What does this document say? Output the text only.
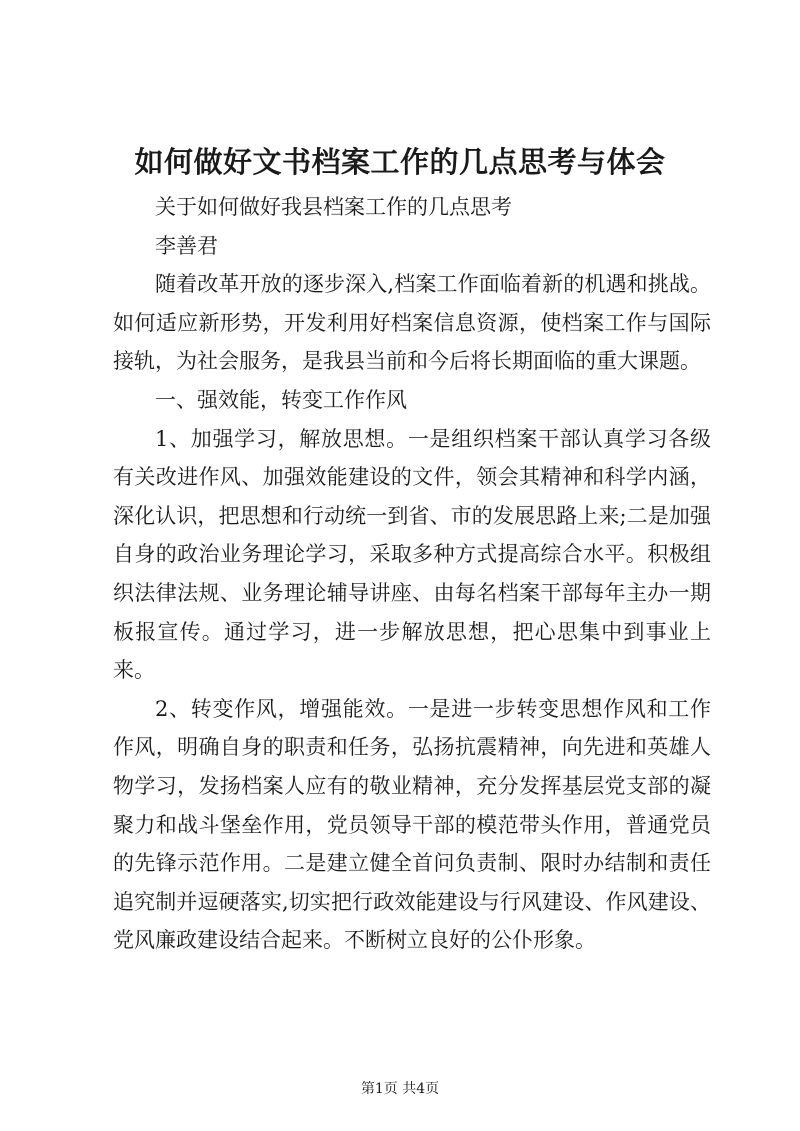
如何做好文书档案工作的几点思考与体会

关于如何做好我县档案工作的几点思考

李善君

随着改革开放的逐步深入,档案工作面临着新的机遇和挑战。如何适应新形势，开发利用好档案信息资源，使档案工作与国际接轨，为社会服务，是我县当前和今后将长期面临的重大课题。

一、强效能，转变工作作风

1、加强学习，解放思想。一是组织档案干部认真学习各级有关改进作风、加强效能建设的文件，领会其精神和科学内涵，深化认识，把思想和行动统一到省、市的发展思路上来;二是加强自身的政治业务理论学习，采取多种方式提高综合水平。积极组织法律法规、业务理论辅导讲座、由每名档案干部每年主办一期板报宣传。通过学习，进一步解放思想，把心思集中到事业上来。

2、转变作风，增强能效。一是进一步转变思想作风和工作作风，明确自身的职责和任务，弘扬抗震精神，向先进和英雄人物学习，发扬档案人应有的敬业精神，充分发挥基层党支部的凝聚力和战斗堡垒作用，党员领导干部的模范带头作用，普通党员的先锋示范作用。二是建立健全首问负责制、限时办结制和责任追究制并逗硬落实,切实把行政效能建设与行风建设、作风建设、党风廉政建设结合起来。不断树立良好的公仆形象。

第1页 共4页
